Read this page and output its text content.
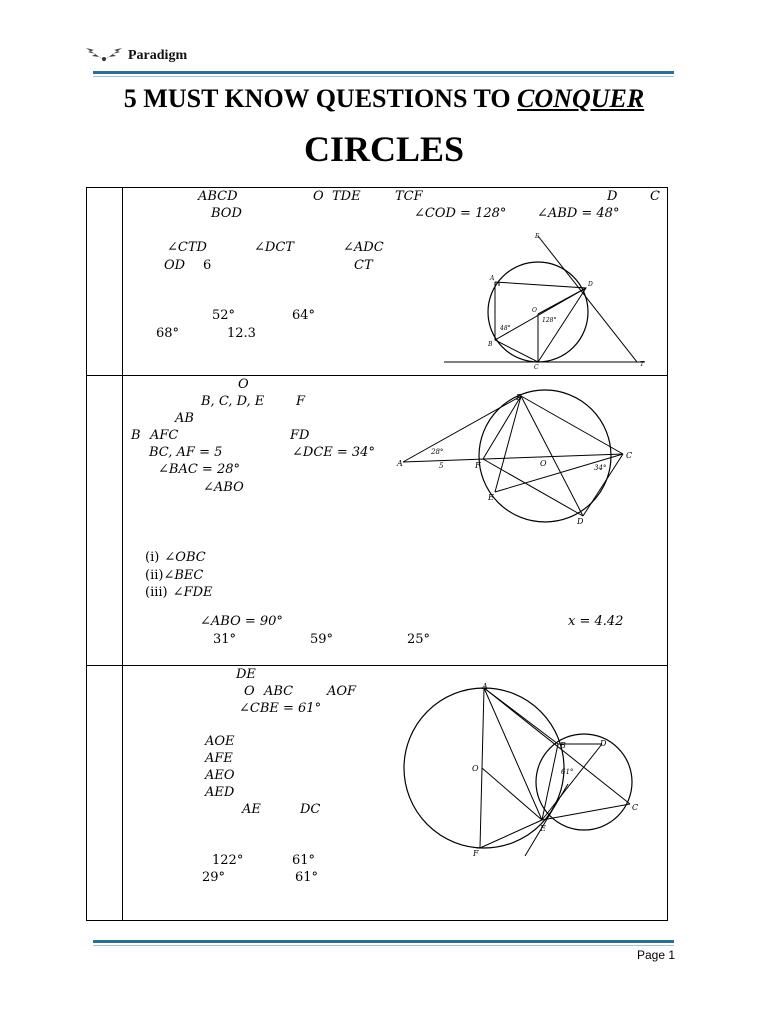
Paradigm
5 MUST KNOW QUESTIONS TO CONQUER
CIRCLES
ABCD	O TDE	TCF	D	C
BOD	∠COD = 128° ∠ABD = 48°
∠CTD	∠DCT	∠ADC
OD 6	CT
52°	64°
68°	12.3
E
A
D
O
B
C	T
48°
128°
O
B, C, D, E F
AB
B AFC	FD
BC, AF = 5	∠DCE = 34°
∠BAC = 28°
∠ABO
(i) ∠OBC
(ii)∠BEC
(iii) ∠FDE
∠ABO = 90°	x = 4.42
31°	59°	25°
A
B
C
D
E
F	O
28°
5	34°
DE
O ABC	AOF
∠CBE = 61°
AOE
AFE
AEO
AED
AE	DC
122°	61°
29°	61°
A
B
C
D
E
F
O	61°
Page 1
